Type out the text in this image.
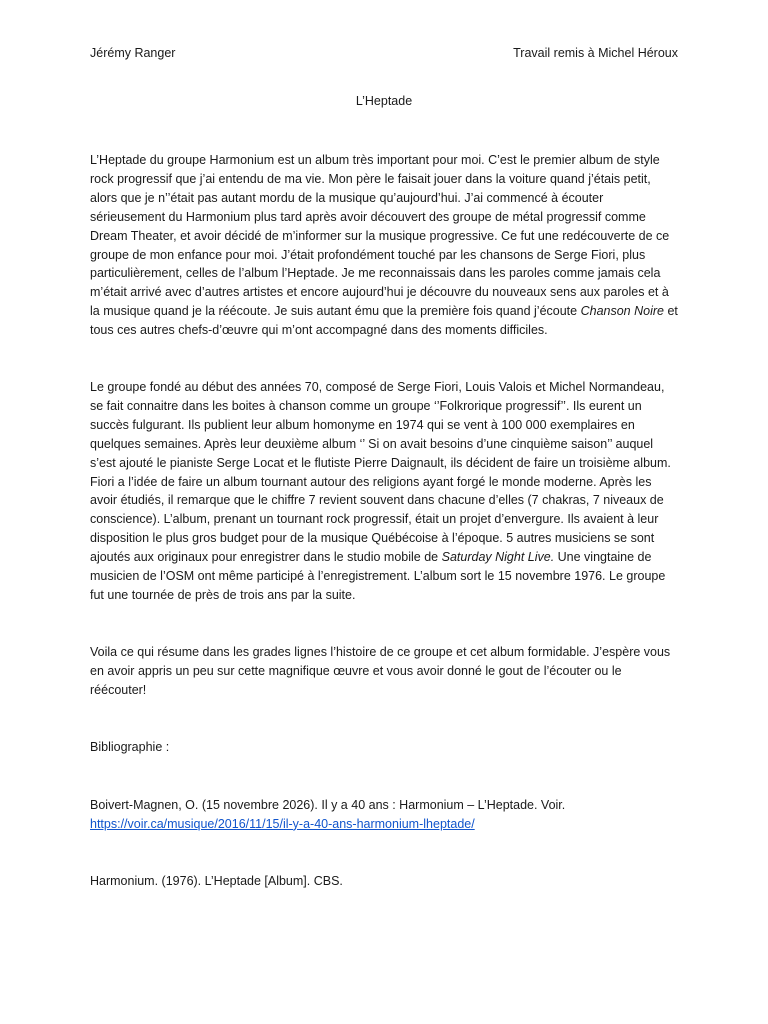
Jérémy Ranger	Travail remis à Michel Héroux
L’Heptade

L’Heptade du groupe Harmonium est un album très important pour moi. C’est le premier album de style rock progressif que j’ai entendu de ma vie. Mon père le faisait jouer dans la voiture quand j’étais petit, alors que je n’’était pas autant mordu de la musique qu’aujourd’hui. J’ai commencé à écouter sérieusement du Harmonium plus tard après avoir découvert des groupe de métal progressif comme Dream Theater, et avoir décidé de m’informer sur la musique progressive. Ce fut une redécouverte de ce groupe de mon enfance pour moi. J’était profondément touché par les chansons de Serge Fiori, plus particulièrement, celles de l’album l’Heptade. Je me reconnaissais dans les paroles comme jamais cela m’était arrivé avec d’autres artistes et encore aujourd’hui je découvre du nouveaux sens aux paroles et à la musique quand je la réécoute. Je suis autant ému que la première fois quand j’écoute Chanson Noire et tous ces autres chefs-d’œuvre qui m’ont accompagné dans des moments difficiles.

Le groupe fondé au début des années 70, composé de Serge Fiori, Louis Valois et Michel Normandeau, se fait connaitre dans les boites à chanson comme un groupe ‘’Folkrorique progressif’’. Ils eurent un succès fulgurant. Ils publient leur album homonyme en 1974 qui se vent à 100 000 exemplaires en quelques semaines. Après leur deuxième album ‘’ Si on avait besoins d’une cinquième saison’’ auquel s’est ajouté le pianiste Serge Locat et le flutiste Pierre Daignault, ils décident de faire un troisième album. Fiori a l’idée de faire un album tournant autour des religions ayant forgé le monde moderne. Après les avoir étudiés, il remarque que le chiffre 7 revient souvent dans chacune d’elles (7 chakras, 7 niveaux de conscience). L’album, prenant un tournant rock progressif, était un projet d’envergure. Ils avaient à leur disposition le plus gros budget pour de la musique Québécoise à l’époque. 5 autres musiciens se sont ajoutés aux originaux pour enregistrer dans le studio mobile de Saturday Night Live. Une vingtaine de musicien de l’OSM ont même participé à l’enregistrement. L’album sort le 15 novembre 1976. Le groupe fut une tournée de près de trois ans par la suite.

Voila ce qui résume dans les grades lignes l’histoire de ce groupe et cet album formidable. J’espère vous en avoir appris un peu sur cette magnifique œuvre et vous avoir donné le gout de l’écouter ou le réécouter!

Bibliographie :

Boivert-Magnen, O. (15 novembre 2026). Il y a 40 ans : Harmonium – L’Heptade. Voir.
https://voir.ca/musique/2016/11/15/il-y-a-40-ans-harmonium-lheptade/

Harmonium. (1976). L’Heptade [Album]. CBS.
